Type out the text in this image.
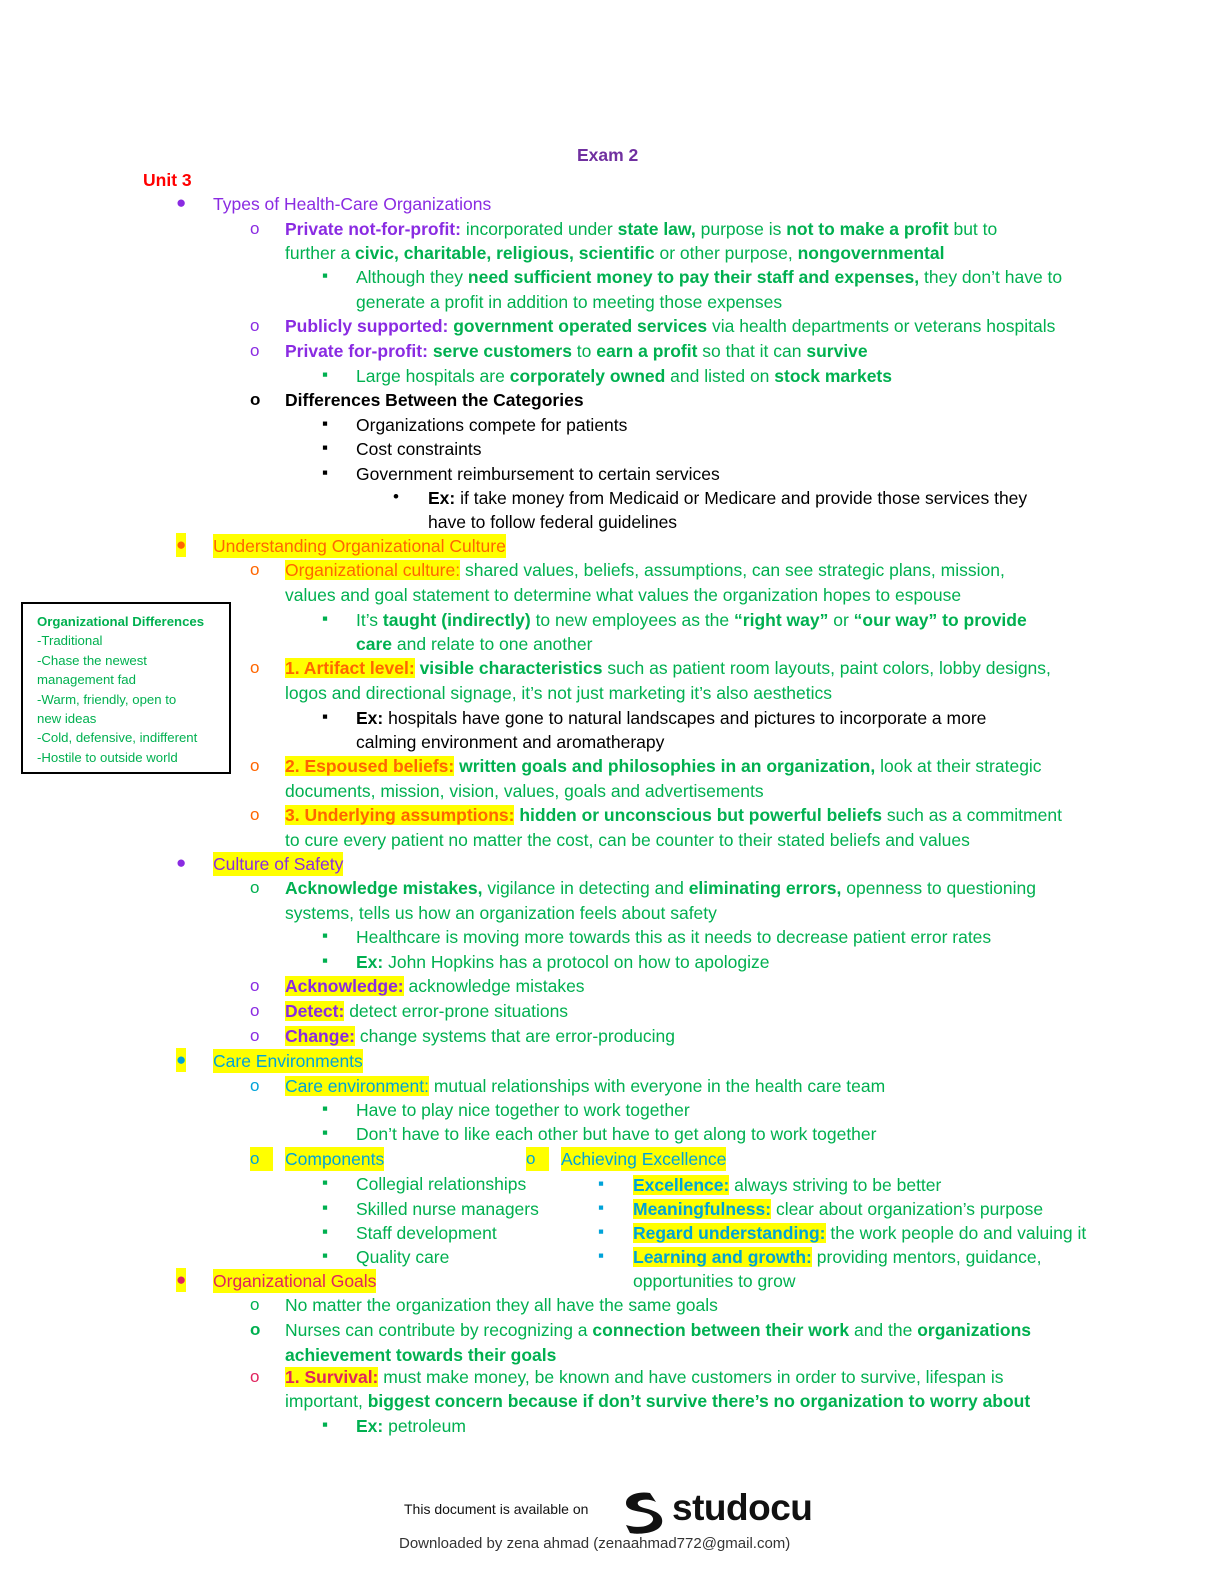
Exam 2
Unit 3
● Types of Health-Care Organizations
o Private not-for-profit: incorporated under state law, purpose is not to make a profit but to
further a civic, charitable, religious, scientific or other purpose, nongovernmental
▪ Although they need sufficient money to pay their staff and expenses, they don’t have to
generate a profit in addition to meeting those expenses
o Publicly supported: government operated services via health departments or veterans hospitals
o Private for-profit: serve customers to earn a profit so that it can survive
▪ Large hospitals are corporately owned and listed on stock markets
o Differences Between the Categories
▪ Organizations compete for patients
▪ Cost constraints
▪ Government reimbursement to certain services
• Ex: if take money from Medicaid or Medicare and provide those services they
have to follow federal guidelines
● Understanding Organizational Culture
o Organizational culture: shared values, beliefs, assumptions, can see strategic plans, mission,
values and goal statement to determine what values the organization hopes to espouse
▪ It’s taught (indirectly) to new employees as the “right way” or “our way” to provide
care and relate to one another
o 1. Artifact level: visible characteristics such as patient room layouts, paint colors, lobby designs,
logos and directional signage, it’s not just marketing it’s also aesthetics
▪ Ex: hospitals have gone to natural landscapes and pictures to incorporate a more
calming environment and aromatherapy
o 2. Espoused beliefs: written goals and philosophies in an organization, look at their strategic
documents, mission, vision, values, goals and advertisements
o 3. Underlying assumptions: hidden or unconscious but powerful beliefs such as a commitment
to cure every patient no matter the cost, can be counter to their stated beliefs and values
● Culture of Safety
o Acknowledge mistakes, vigilance in detecting and eliminating errors, openness to questioning
systems, tells us how an organization feels about safety
▪ Healthcare is moving more towards this as it needs to decrease patient error rates
▪ Ex: John Hopkins has a protocol on how to apologize
o Acknowledge: acknowledge mistakes
o Detect: detect error-prone situations
o Change: change systems that are error-producing
● Care Environments
o Care environment: mutual relationships with everyone in the health care team
▪ Have to play nice together to work together
▪ Don’t have to like each other but have to get along to work together
o	Components
▪ Collegial relationships
▪ Skilled nurse managers
▪ Staff development
▪ Quality care
o	Achieving Excellence
▪ Excellence: always striving to be better
▪ Meaningfulness: clear about organization’s purpose
▪ Regard understanding: the work people do and valuing it
▪ Learning and growth: providing mentors, guidance,
opportunities to grow
● Organizational Goals
o No matter the organization they all have the same goals
o Nurses can contribute by recognizing a connection between their work and the organizations
achievement towards their goals
o 1. Survival: must make money, be known and have customers in order to survive, lifespan is
important, biggest concern because if don’t survive there’s no organization to worry about
▪ Ex: petroleum
Organizational Differences
-Traditional
-Chase the newest
management fad
-Warm, friendly, open to
new ideas
-Cold, defensive, indifferent
-Hostile to outside world
This document is available on studocu
Downloaded by zena ahmad (zenaahmad772@gmail.com)
